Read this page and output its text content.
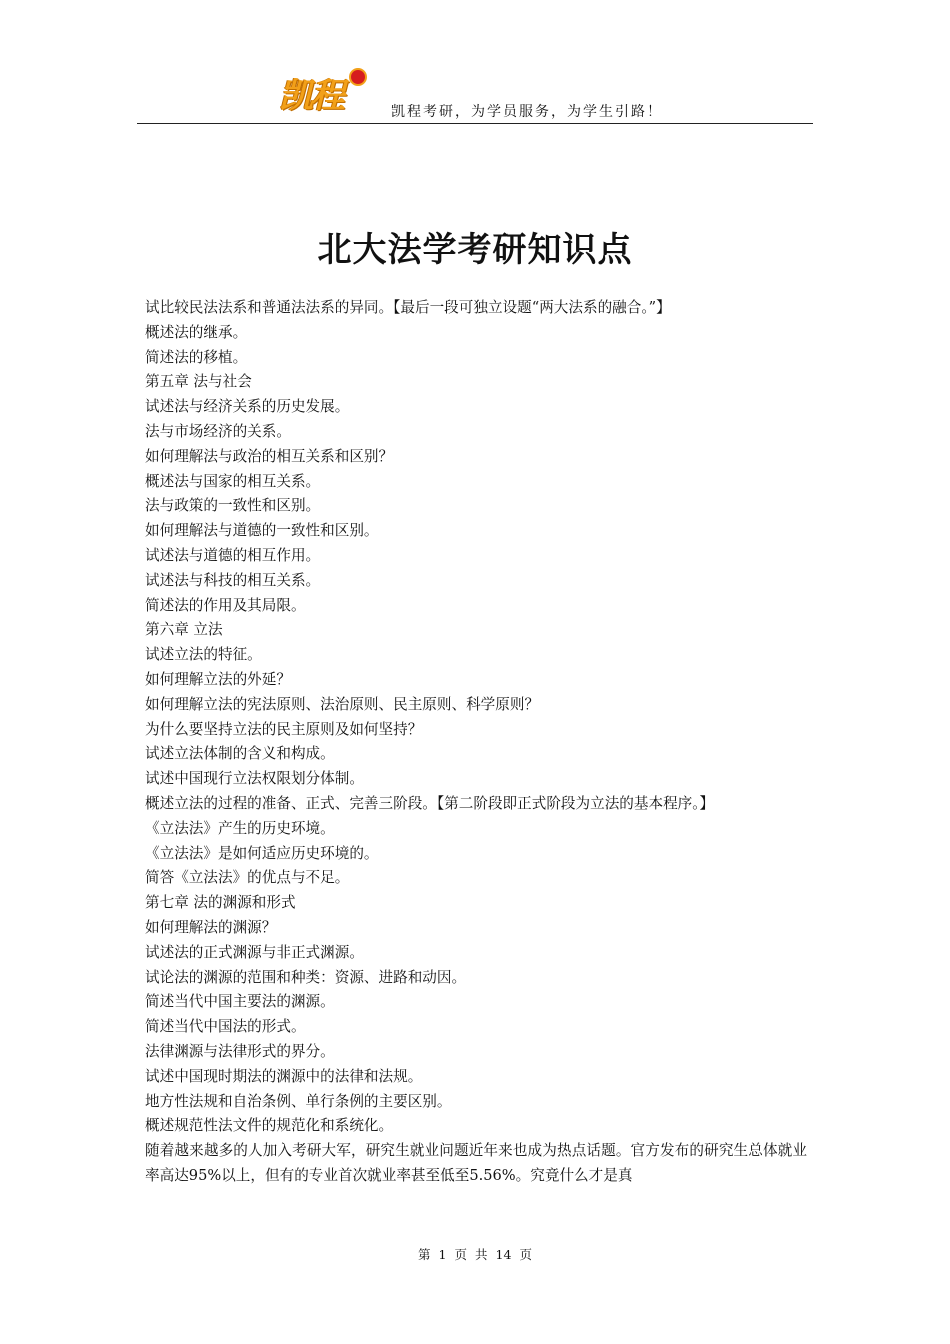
凯程	凯程考研，为学员服务，为学生引路！
北大法学考研知识点

试比较民法法系和普通法法系的异同。【最后一段可独立设题“两大法系的融合。”】

概述法的继承。

简述法的移植。

第五章 法与社会

试述法与经济关系的历史发展。

法与市场经济的关系。

如何理解法与政治的相互关系和区别？

概述法与国家的相互关系。

法与政策的一致性和区别。

如何理解法与道德的一致性和区别。

试述法与道德的相互作用。

试述法与科技的相互关系。

简述法的作用及其局限。

第六章 立法

试述立法的特征。

如何理解立法的外延？

如何理解立法的宪法原则、法治原则、民主原则、科学原则？

为什么要坚持立法的民主原则及如何坚持？

试述立法体制的含义和构成。

试述中国现行立法权限划分体制。

概述立法的过程的准备、正式、完善三阶段。【第二阶段即正式阶段为立法的基本程序。】

《立法法》产生的历史环境。

《立法法》是如何适应历史环境的。

简答《立法法》的优点与不足。

第七章 法的渊源和形式

如何理解法的渊源？

试述法的正式渊源与非正式渊源。

试论法的渊源的范围和种类：资源、进路和动因。

简述当代中国主要法的渊源。

简述当代中国法的形式。

法律渊源与法律形式的界分。

试述中国现时期法的渊源中的法律和法规。

地方性法规和自治条例、单行条例的主要区别。

概述规范性法文件的规范化和系统化。

随着越来越多的人加入考研大军，研究生就业问题近年来也成为热点话题。官方发布的研究生总体就业率高达95%以上，但有的专业首次就业率甚至低至5.56%。究竟什么才是真

第 1 页 共 14 页
